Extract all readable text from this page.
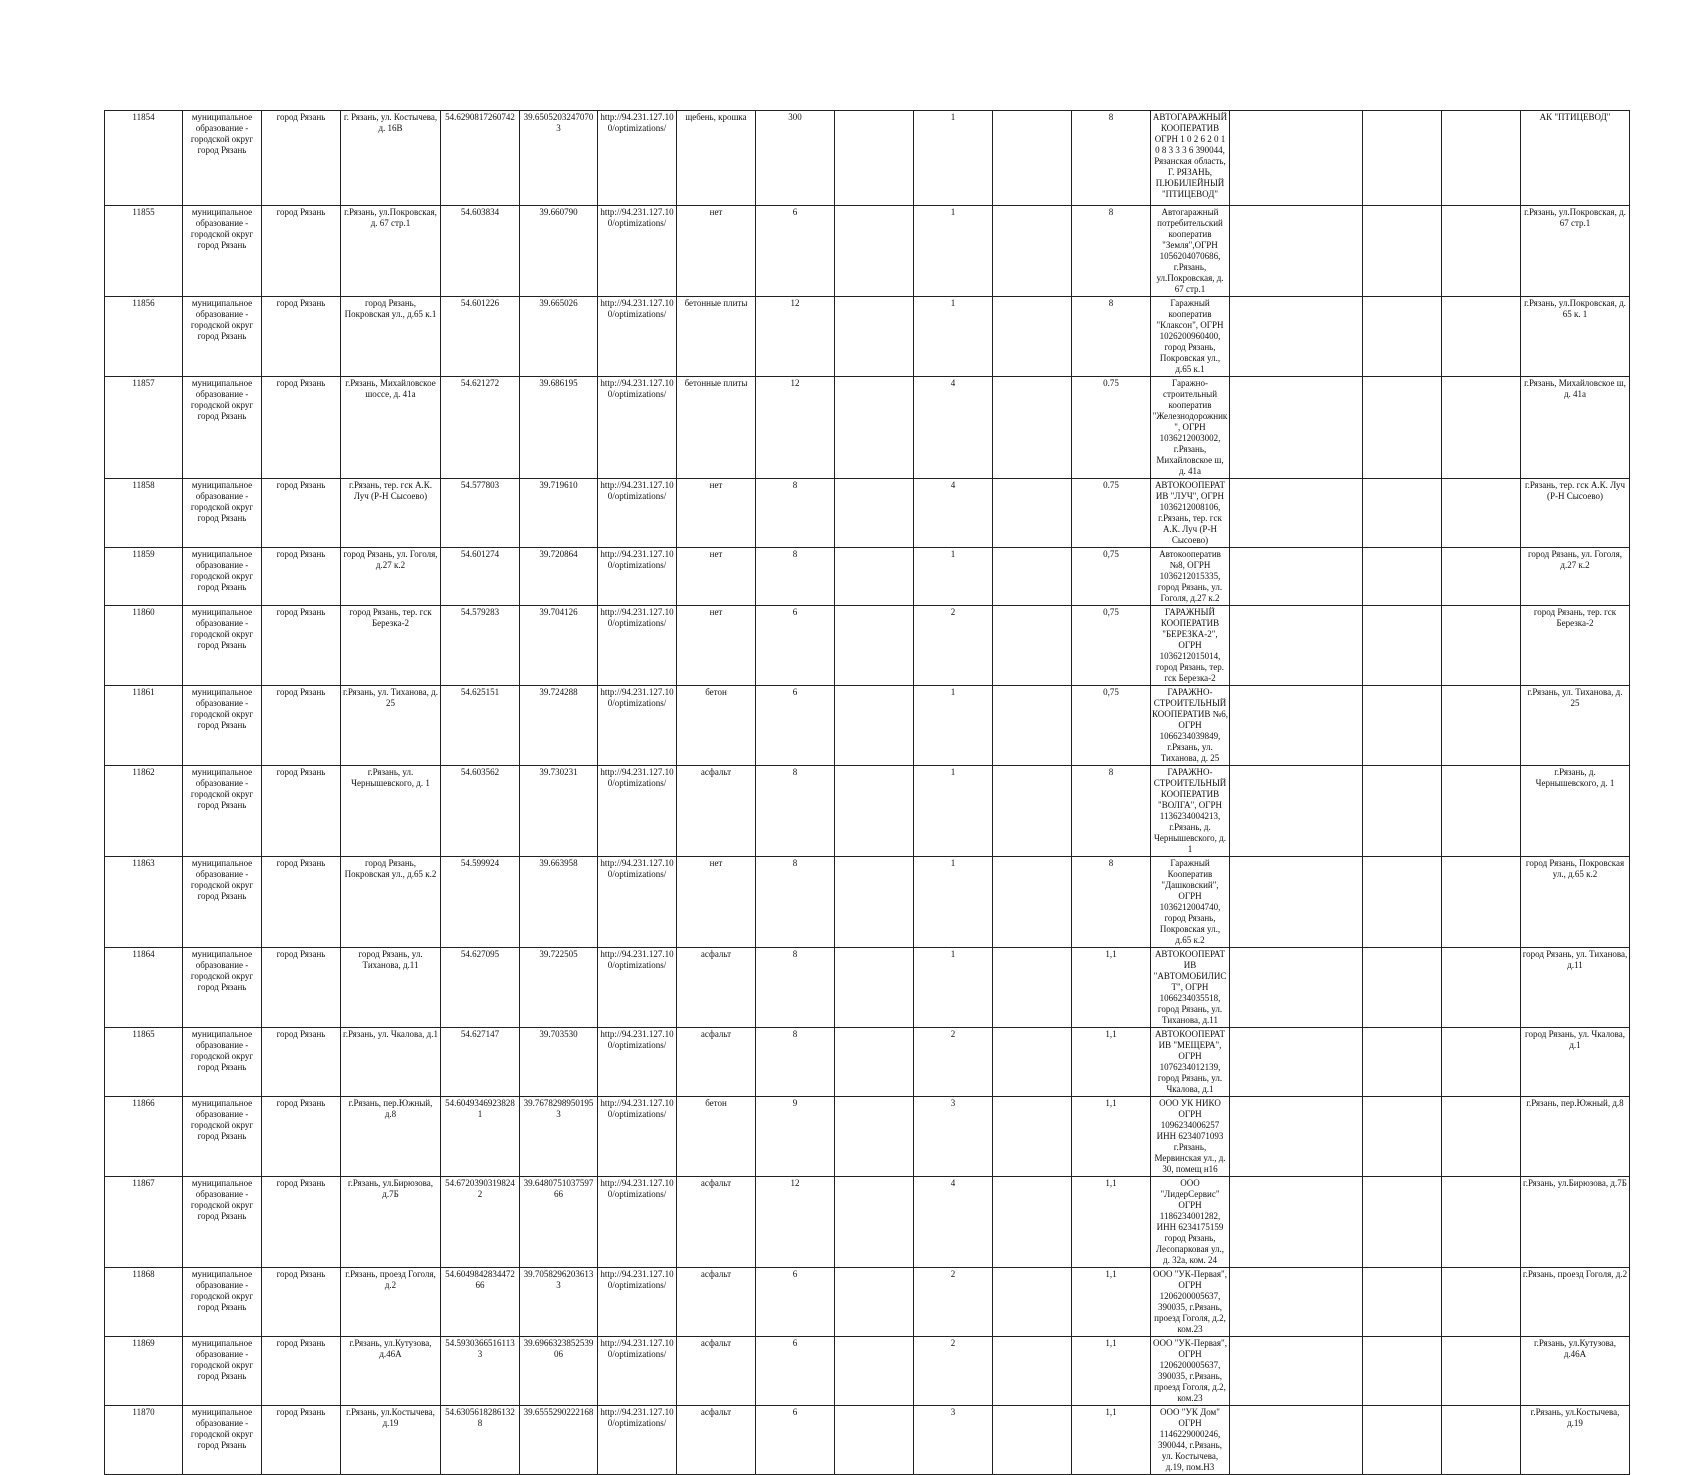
11854	муниципальное образование - городской округ город Рязань	город Рязань	г. Рязань, ул. Костычева, д. 16В	54.6290817260742	39.6505203247070 3	http://94.231.127.100/optimizations/	щебень, крошка	300		1		8	АВТОГАРАЖНЫЙ КООПЕРАТИВ ОГРН 1 0 2 6 2 0 1 0 8 3 3 3 6 390044, Рязанская область, Г. РЯЗАНЬ, П.ЮБИЛЕЙНЫЙ "ПТИЦЕВОД"				АК "ПТИЦЕВОД"
11855	муниципальное образование - городской округ город Рязань	город Рязань	г.Рязань, ул.Покровская, д. 67 стр.1	54.603834	39.660790	http://94.231.127.100/optimizations/	нет	6		1		8	Автогаражный потребительский кооператив "Земля",ОГРН 1056204070686, г.Рязань, ул.Покровская, д. 67 стр.1				г.Рязань, ул.Покровская, д. 67 стр.1
11856	муниципальное образование - городской округ город Рязань	город Рязань	город Рязань, Покровская ул., д.65 к.1	54.601226	39.665026	http://94.231.127.100/optimizations/	бетонные плиты	12		1		8	Гаражный кооператив "Клаксон", ОГРН 1026200960400, город Рязань, Покровская ул., д.65 к.1				г.Рязань, ул.Покровская, д. 65 к. 1
11857	муниципальное образование - городской округ город Рязань	город Рязань	г.Рязань, Михайловское шоссе, д. 41а	54.621272	39.686195	http://94.231.127.100/optimizations/	бетонные плиты	12		4		0.75	Гаражно-строительный кооператив "Железнодорожник", ОГРН 1036212003002, г.Рязань, Михайловское ш, д. 41а				г.Рязань, Михайловское ш, д. 41а
11858	муниципальное образование - городской округ город Рязань	город Рязань	г.Рязань, тер. гск А.К. Луч (Р-Н Сысоево)	54.577803	39.719610	http://94.231.127.100/optimizations/	нет	8		4		0.75	АВТОКООПЕРАТИВ "ЛУЧ", ОГРН 1036212008106, г.Рязань, тер. гск А.К. Луч (Р-Н Сысоево)				г.Рязань, тер. гск А.К. Луч (Р-Н Сысоево)
11859	муниципальное образование - городской округ город Рязань	город Рязань	город Рязань, ул. Гоголя, д.27 к.2	54.601274	39.720864	http://94.231.127.100/optimizations/	нет	8		1		0,75	Автокооператив №8, ОГРН 1036212015335, город Рязань, ул. Гоголя, д.27 к.2				город Рязань, ул. Гоголя, д.27 к.2
11860	муниципальное образование - городской округ город Рязань	город Рязань	город Рязань, тер. гск Березка-2	54.579283	39.704126	http://94.231.127.100/optimizations/	нет	6		2		0,75	ГАРАЖНЫЙ КООПЕРАТИВ "БЕРЕЗКА-2", ОГРН 1036212015014, город Рязань, тер. гск Березка-2				город Рязань, тер. гск Березка-2
11861	муниципальное образование - городской округ город Рязань	город Рязань	г.Рязань, ул. Тиханова, д. 25	54.625151	39.724288	http://94.231.127.100/optimizations/	бетон	6		1		0,75	ГАРАЖНО-СТРОИТЕЛЬНЫЙ КООПЕРАТИВ №6, ОГРН 1066234039849, г.Рязань, ул. Тиханова, д. 25				г.Рязань, ул. Тиханова, д. 25
11862	муниципальное образование - городской округ город Рязань	город Рязань	г.Рязань, ул. Чернышевского, д. 1	54.603562	39.730231	http://94.231.127.100/optimizations/	асфальт	8		1		8	ГАРАЖНО-СТРОИТЕЛЬНЫЙ КООПЕРАТИВ "ВОЛГА", ОГРН 1136234004213, г.Рязань, д. Чернышевского, д. 1				г.Рязань, д. Чернышевского, д. 1
11863	муниципальное образование - городской округ город Рязань	город Рязань	город Рязань, Покровская ул., д.65 к.2	54.599924	39.663958	http://94.231.127.100/optimizations/	нет	8		1		8	Гаражный Кооператив "Дашковский", ОГРН 1036212004740, город Рязань, Покровская ул., д.65 к.2				город Рязань, Покровская ул., д.65 к.2
11864	муниципальное образование - городской округ город Рязань	город Рязань	город Рязань, ул. Тиханова, д.11	54.627095	39.722505	http://94.231.127.100/optimizations/	асфальт	8		1		1,1	АВТОКООПЕРАТИВ "АВТОМОБИЛИСТ", ОГРН 1066234035518, город Рязань, ул. Тиханова, д.11				город Рязань, ул. Тиханова, д.11
11865	муниципальное образование - городской округ город Рязань	город Рязань	г.Рязань, ул. Чкалова, д.1	54.627147	39.703530	http://94.231.127.100/optimizations/	асфальт	8		2		1,1	АВТОКООПЕРАТИВ "МЕЩЕРА", ОГРН 1076234012139, город Рязань, ул. Чкалова, д.1				город Рязань, ул. Чкалова, д.1
11866	муниципальное образование - городской округ город Рязань	город Рязань	г.Рязань, пер.Южный, д.8	54.6049346923828 1	39.7678298950195 3	http://94.231.127.100/optimizations/	бетон	9		3		1,1	ООО УК НИКО ОГРН 1096234006257 ИНН 6234071093 г.Рязань, Мервинская ул., д. 30, помещ н16				г.Рязань, пер.Южный, д.8
11867	муниципальное образование - городской округ город Рязань	город Рязань	г.Рязань, ул.Бирюзова, д.7Б	54.6720390319824 2	39.6480751037597 66	http://94.231.127.100/optimizations/	асфальт	12		4		1,1	ООО "ЛидерСервис" ОГРН 1186234001282, ИНН 6234175159 город Рязань, Лесопарковая ул., д. 32а, ком. 24				г.Рязань, ул.Бирюзова, д.7Б
11868	муниципальное образование - городской округ город Рязань	город Рязань	г.Рязань, проезд Гоголя, д.2	54.6049842834472 66	39.7058296203613 3	http://94.231.127.100/optimizations/	асфальт	6		2		1,1	ООО "УК-Первая", ОГРН 1206200005637, 390035, г.Рязань, проезд Гоголя, д.2, ком.23				г.Рязань, проезд Гоголя, д.2
11869	муниципальное образование - городской округ город Рязань	город Рязань	г.Рязань, ул.Кутузова, д.46А	54.5930366516113 3	39.6966323852539 06	http://94.231.127.100/optimizations/	асфальт	6		2		1,1	ООО "УК-Первая", ОГРН 1206200005637, 390035, г.Рязань, проезд Гоголя, д.2, ком.23				г.Рязань, ул.Кутузова, д.46А
11870	муниципальное образование - городской округ город Рязань	город Рязань	г.Рязань, ул.Костычева, д.19	54.6305618286132 8	39.6555290222168	http://94.231.127.100/optimizations/	асфальт	6		3		1,1	ООО "УК Дом" ОГРН 1146229000246, 390044, г.Рязань, ул. Костычева, д.19, пом.Н3				г.Рязань, ул.Костычева, д.19
